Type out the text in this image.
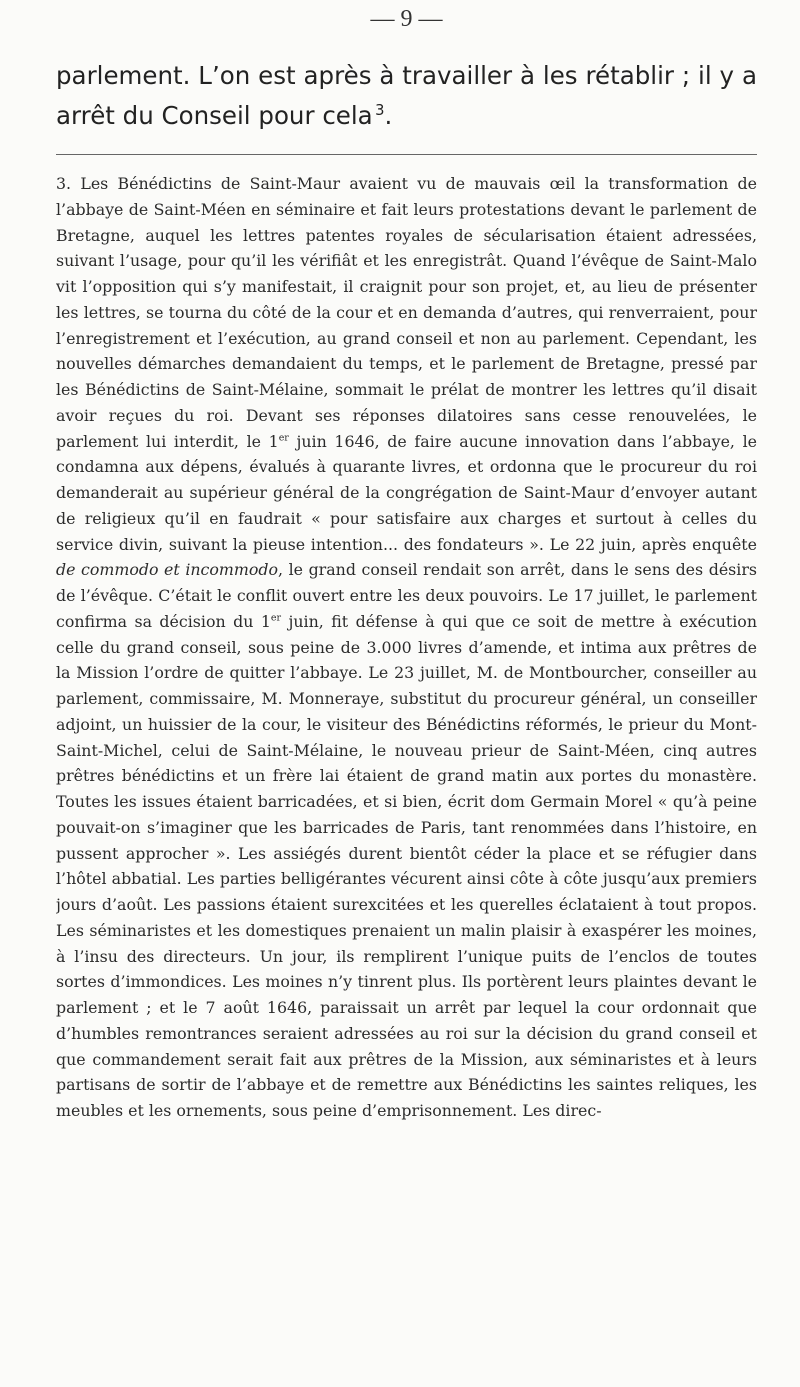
— 9 —

parlement. L’on est après à travailler à les rétablir ; il y a arrêt du Conseil pour cela  $^3$.

3. Les Bénédictins de Saint-Maur avaient vu de mauvais œil la transformation de l’abbaye de Saint-Méen en séminaire et fait leurs protestations devant le parlement de Bretagne, auquel les lettres patentes royales de sécularisation étaient adressées, suivant l’usage, pour qu’il les vérifiât et les enregistrât. Quand l’évêque de Saint-Malo vit l’opposition qui s’y manifestait, il craignit pour son projet, et, au lieu de présenter les lettres, se tourna du côté de la cour et en demanda d’autres, qui renverraient, pour l’enregistrement et l’exécution, au grand conseil et non au parlement. Cependant, les nouvelles démarches demandaient du temps, et le parlement de Bretagne, pressé par les Bénédictins de Saint-Mélaine, sommait le prélat de montrer les lettres qu’il disait avoir reçues du roi. Devant ses réponses dilatoires sans cesse renouvelées, le parlement lui interdit, le 1er juin 1646, de faire aucune innovation dans l’abbaye, le condamna aux dépens, évalués à quarante livres, et ordonna que le procureur du roi demanderait au supérieur général de la congrégation de Saint-Maur d’envoyer autant de religieux qu’il en faudrait « pour satisfaire aux charges et surtout à celles du service divin, suivant la pieuse intention... des fondateurs ». Le 22 juin, après enquête de commodo et incommodo, le grand conseil rendait son arrêt, dans le sens des désirs de l’évêque. C’était le conflit ouvert entre les deux pouvoirs. Le 17 juillet, le parlement confirma sa décision du 1er juin, fit défense à qui que ce soit de mettre à exécution celle du grand conseil, sous peine de 3.000 livres d’amende, et intima aux prêtres de la Mission l’ordre de quitter l’abbaye. Le 23 juillet, M. de Montbourcher, conseiller au parlement, commissaire, M. Monneraye, substitut du procureur général, un conseiller adjoint, un huissier de la cour, le visiteur des Bénédictins réformés, le prieur du Mont-Saint-Michel, celui de Saint-Mélaine, le nouveau prieur de Saint-Méen, cinq autres prêtres bénédictins et un frère lai étaient de grand matin aux portes du monastère. Toutes les issues étaient barricadées, et si bien, écrit dom Germain Morel « qu’à peine pouvait-on s’imaginer que les barricades de Paris, tant renommées dans l’histoire, en pussent approcher ». Les assiégés durent bientôt céder la place et se réfugier dans l’hôtel abbatial. Les parties belligérantes vécurent ainsi côte à côte jusqu’aux premiers jours d’août. Les passions étaient surexcitées et les querelles éclataient à tout propos. Les séminaristes et les domestiques prenaient un malin plaisir à exaspérer les moines, à l’insu des directeurs. Un jour, ils remplirent l’unique puits de l’enclos de toutes sortes d’immondices. Les moines n’y tinrent plus. Ils portèrent leurs plaintes devant le parlement ; et le 7 août 1646, paraissait un arrêt par lequel la cour ordonnait que d’humbles remontrances seraient adressées au roi sur la décision du grand conseil et que commandement serait fait aux prêtres de la Mission, aux séminaristes et à leurs partisans de sortir de l’abbaye et de remettre aux Bénédictins les saintes reliques, les meubles et les ornements, sous peine d’emprisonnement. Les direc-
